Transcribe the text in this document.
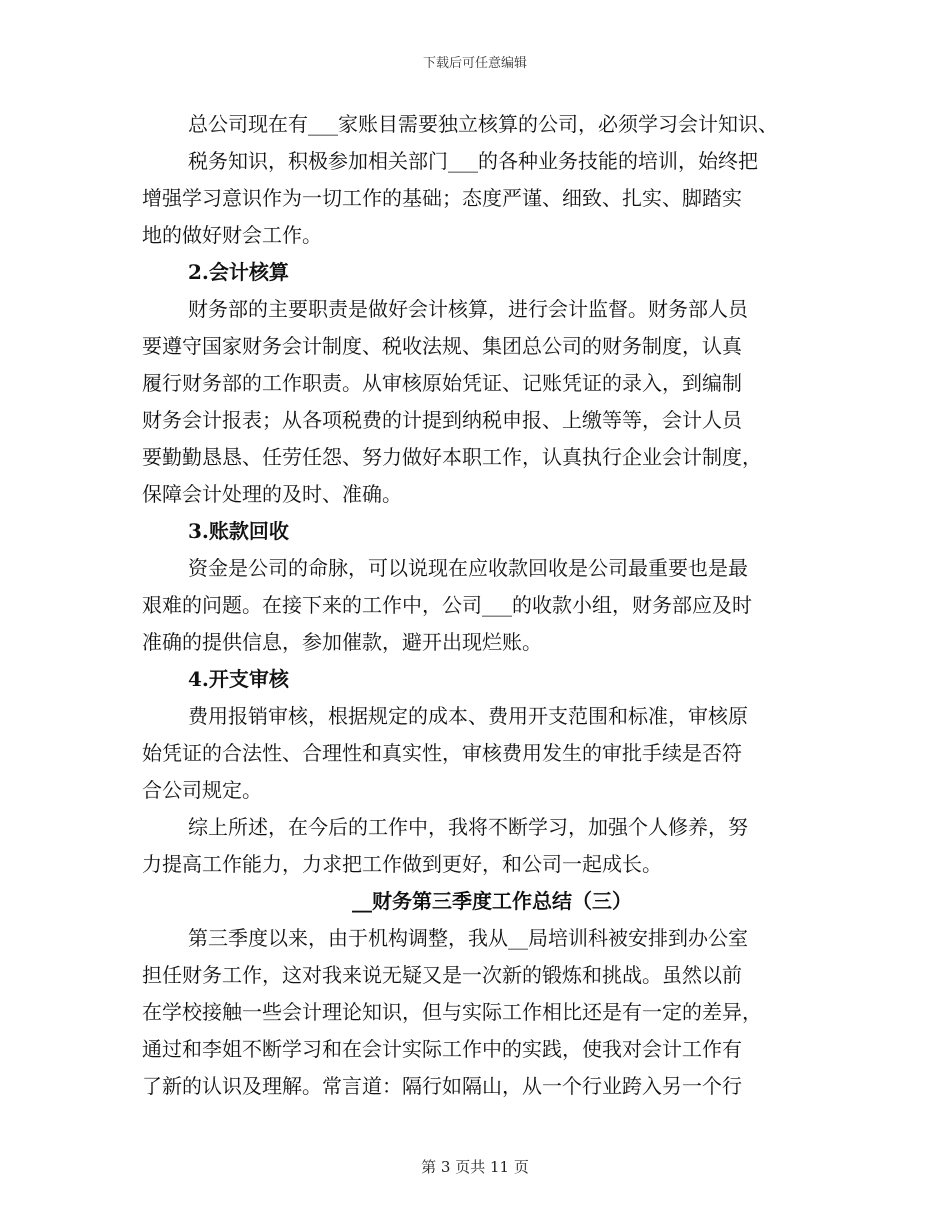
下载后可任意编辑
总公司现在有___家账目需要独立核算的公司，必须学习会计知识、
税务知识，积极参加相关部门___的各种业务技能的培训，始终把
增强学习意识作为一切工作的基础；态度严谨、细致、扎实、脚踏实
地的做好财会工作。
2.会计核算
财务部的主要职责是做好会计核算，进行会计监督。财务部人员
要遵守国家财务会计制度、税收法规、集团总公司的财务制度，认真
履行财务部的工作职责。从审核原始凭证、记账凭证的录入，到编制
财务会计报表；从各项税费的计提到纳税申报、上缴等等，会计人员
要勤勤恳恳、任劳任怨、努力做好本职工作，认真执行企业会计制度，
保障会计处理的及时、准确。
3.账款回收
资金是公司的命脉，可以说现在应收款回收是公司最重要也是最
艰难的问题。在接下来的工作中，公司___的收款小组，财务部应及时
准确的提供信息，参加催款，避开出现烂账。
4.开支审核
费用报销审核，根据规定的成本、费用开支范围和标准，审核原
始凭证的合法性、合理性和真实性，审核费用发生的审批手续是否符
合公司规定。
综上所述，在今后的工作中，我将不断学习，加强个人修养，努
力提高工作能力，力求把工作做到更好，和公司一起成长。
__财务第三季度工作总结（三）
第三季度以来，由于机构调整，我从__局培训科被安排到办公室
担任财务工作，这对我来说无疑又是一次新的锻炼和挑战。虽然以前
在学校接触一些会计理论知识，但与实际工作相比还是有一定的差异，
通过和李姐不断学习和在会计实际工作中的实践，使我对会计工作有
了新的认识及理解。常言道：隔行如隔山，从一个行业跨入另一个行
第 3 页共 11 页
